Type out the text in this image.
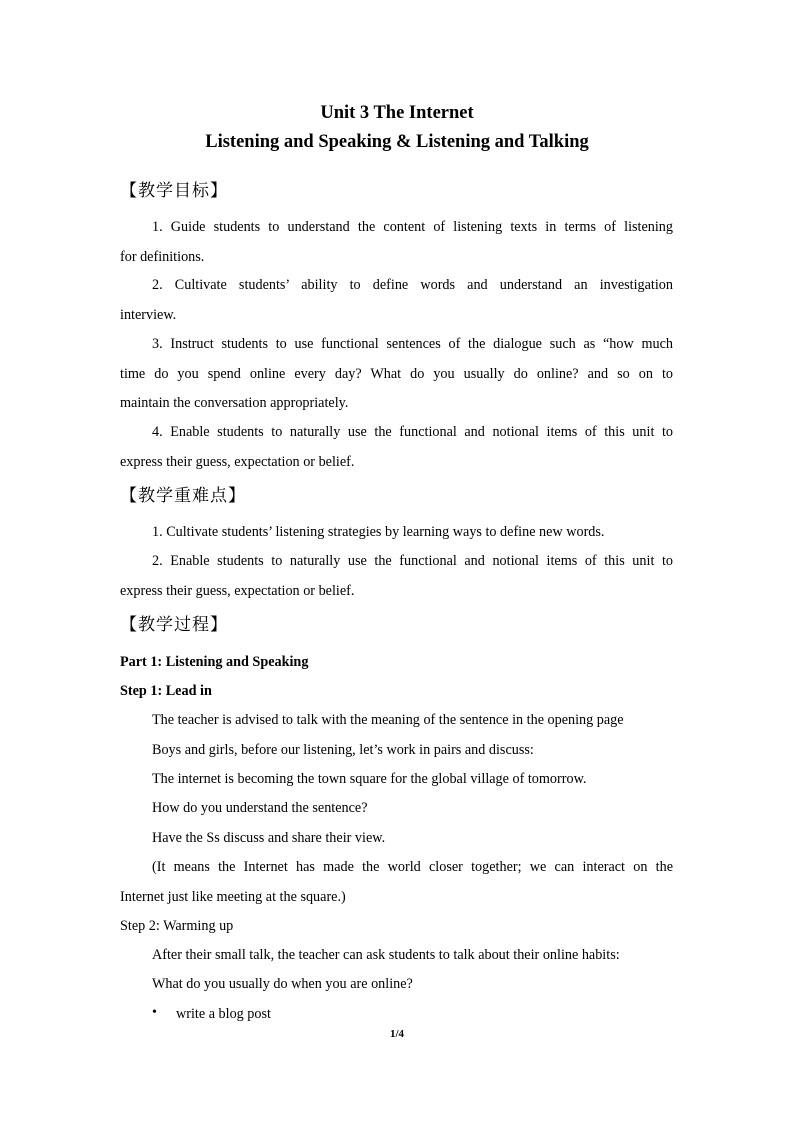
Unit 3 The Internet
Listening and Speaking & Listening and Talking
【教学目标】
1. Guide students to understand the content of listening texts in terms of listening
for definitions.
2. Cultivate students’ ability to define words and understand an investigation
interview.
3. Instruct students to use functional sentences of the dialogue such as “how much
time do you spend online every day? What do you usually do online? and so on to
maintain the conversation appropriately.
4. Enable students to naturally use the functional and notional items of this unit to
express their guess, expectation or belief.
【教学重难点】
1. Cultivate students’ listening strategies by learning ways to define new words.
2. Enable students to naturally use the functional and notional items of this unit to
express their guess, expectation or belief.
【教学过程】
Part 1: Listening and Speaking
Step 1: Lead in
The teacher is advised to talk with the meaning of the sentence in the opening page
Boys and girls, before our listening, let’s work in pairs and discuss:
The internet is becoming the town square for the global village of tomorrow.
How do you understand the sentence?
Have the Ss discuss and share their view.
(It means the Internet has made the world closer together; we can interact on the
Internet just like meeting at the square.)
Step 2: Warming up
After their small talk, the teacher can ask students to talk about their online habits:
What do you usually do when you are online?
• write a blog post
1/4
